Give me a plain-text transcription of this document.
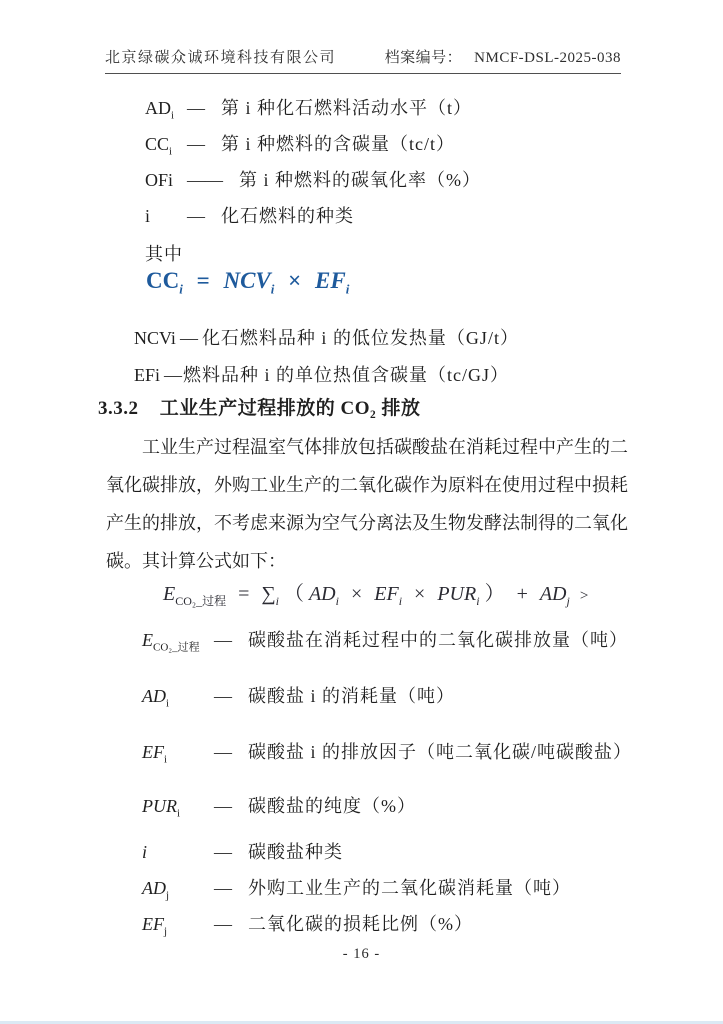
北京绿碳众诚环境科技有限公司	档案编号： NMCF-DSL-2025-038
$AD_i$ — 第 i 种化石燃料活动水平（t）
$CC_i$ — 第 i 种燃料的含碳量（tc/t）
OFi —— 第 i 种燃料的碳氧化率（%）
i	— 化石燃料的种类
其中
$CC_i = NCV_i \times EF_i$
NCVi — 化石燃料品种 i 的低位发热量（GJ/t）
EFi — 燃料品种 i 的单位热值含碳量（tc/GJ）
3.3.2 工业生产过程排放的 CO₂ 排放
工业生产过程温室气体排放包括碳酸盐在消耗过程中产生的二氧化碳排放，外购工业生产的二氧化碳作为原料在使用过程中损耗产生的排放，不考虑来源为空气分离法及生物发酵法制得的二氧化碳。其计算公式如下：
$E_{CO_2\_过程} = \sum_i$ （ $AD_i \times EF_i \times PUR_i$ ） + $AD_j$ >
$E_{CO_2\_过程}$ — 碳酸盐在消耗过程中的二氧化碳排放量（吨）
$AD_i$	— 碳酸盐 i 的消耗量（吨）
$EF_i$	— 碳酸盐 i 的排放因子（吨二氧化碳/吨碳酸盐）
$PUR_i$	— 碳酸盐的纯度（%）
i	— 碳酸盐种类
$AD_j$	— 外购工业生产的二氧化碳消耗量（吨）
$EF_j$	— 二氧化碳的损耗比例（%）
- 16 -
